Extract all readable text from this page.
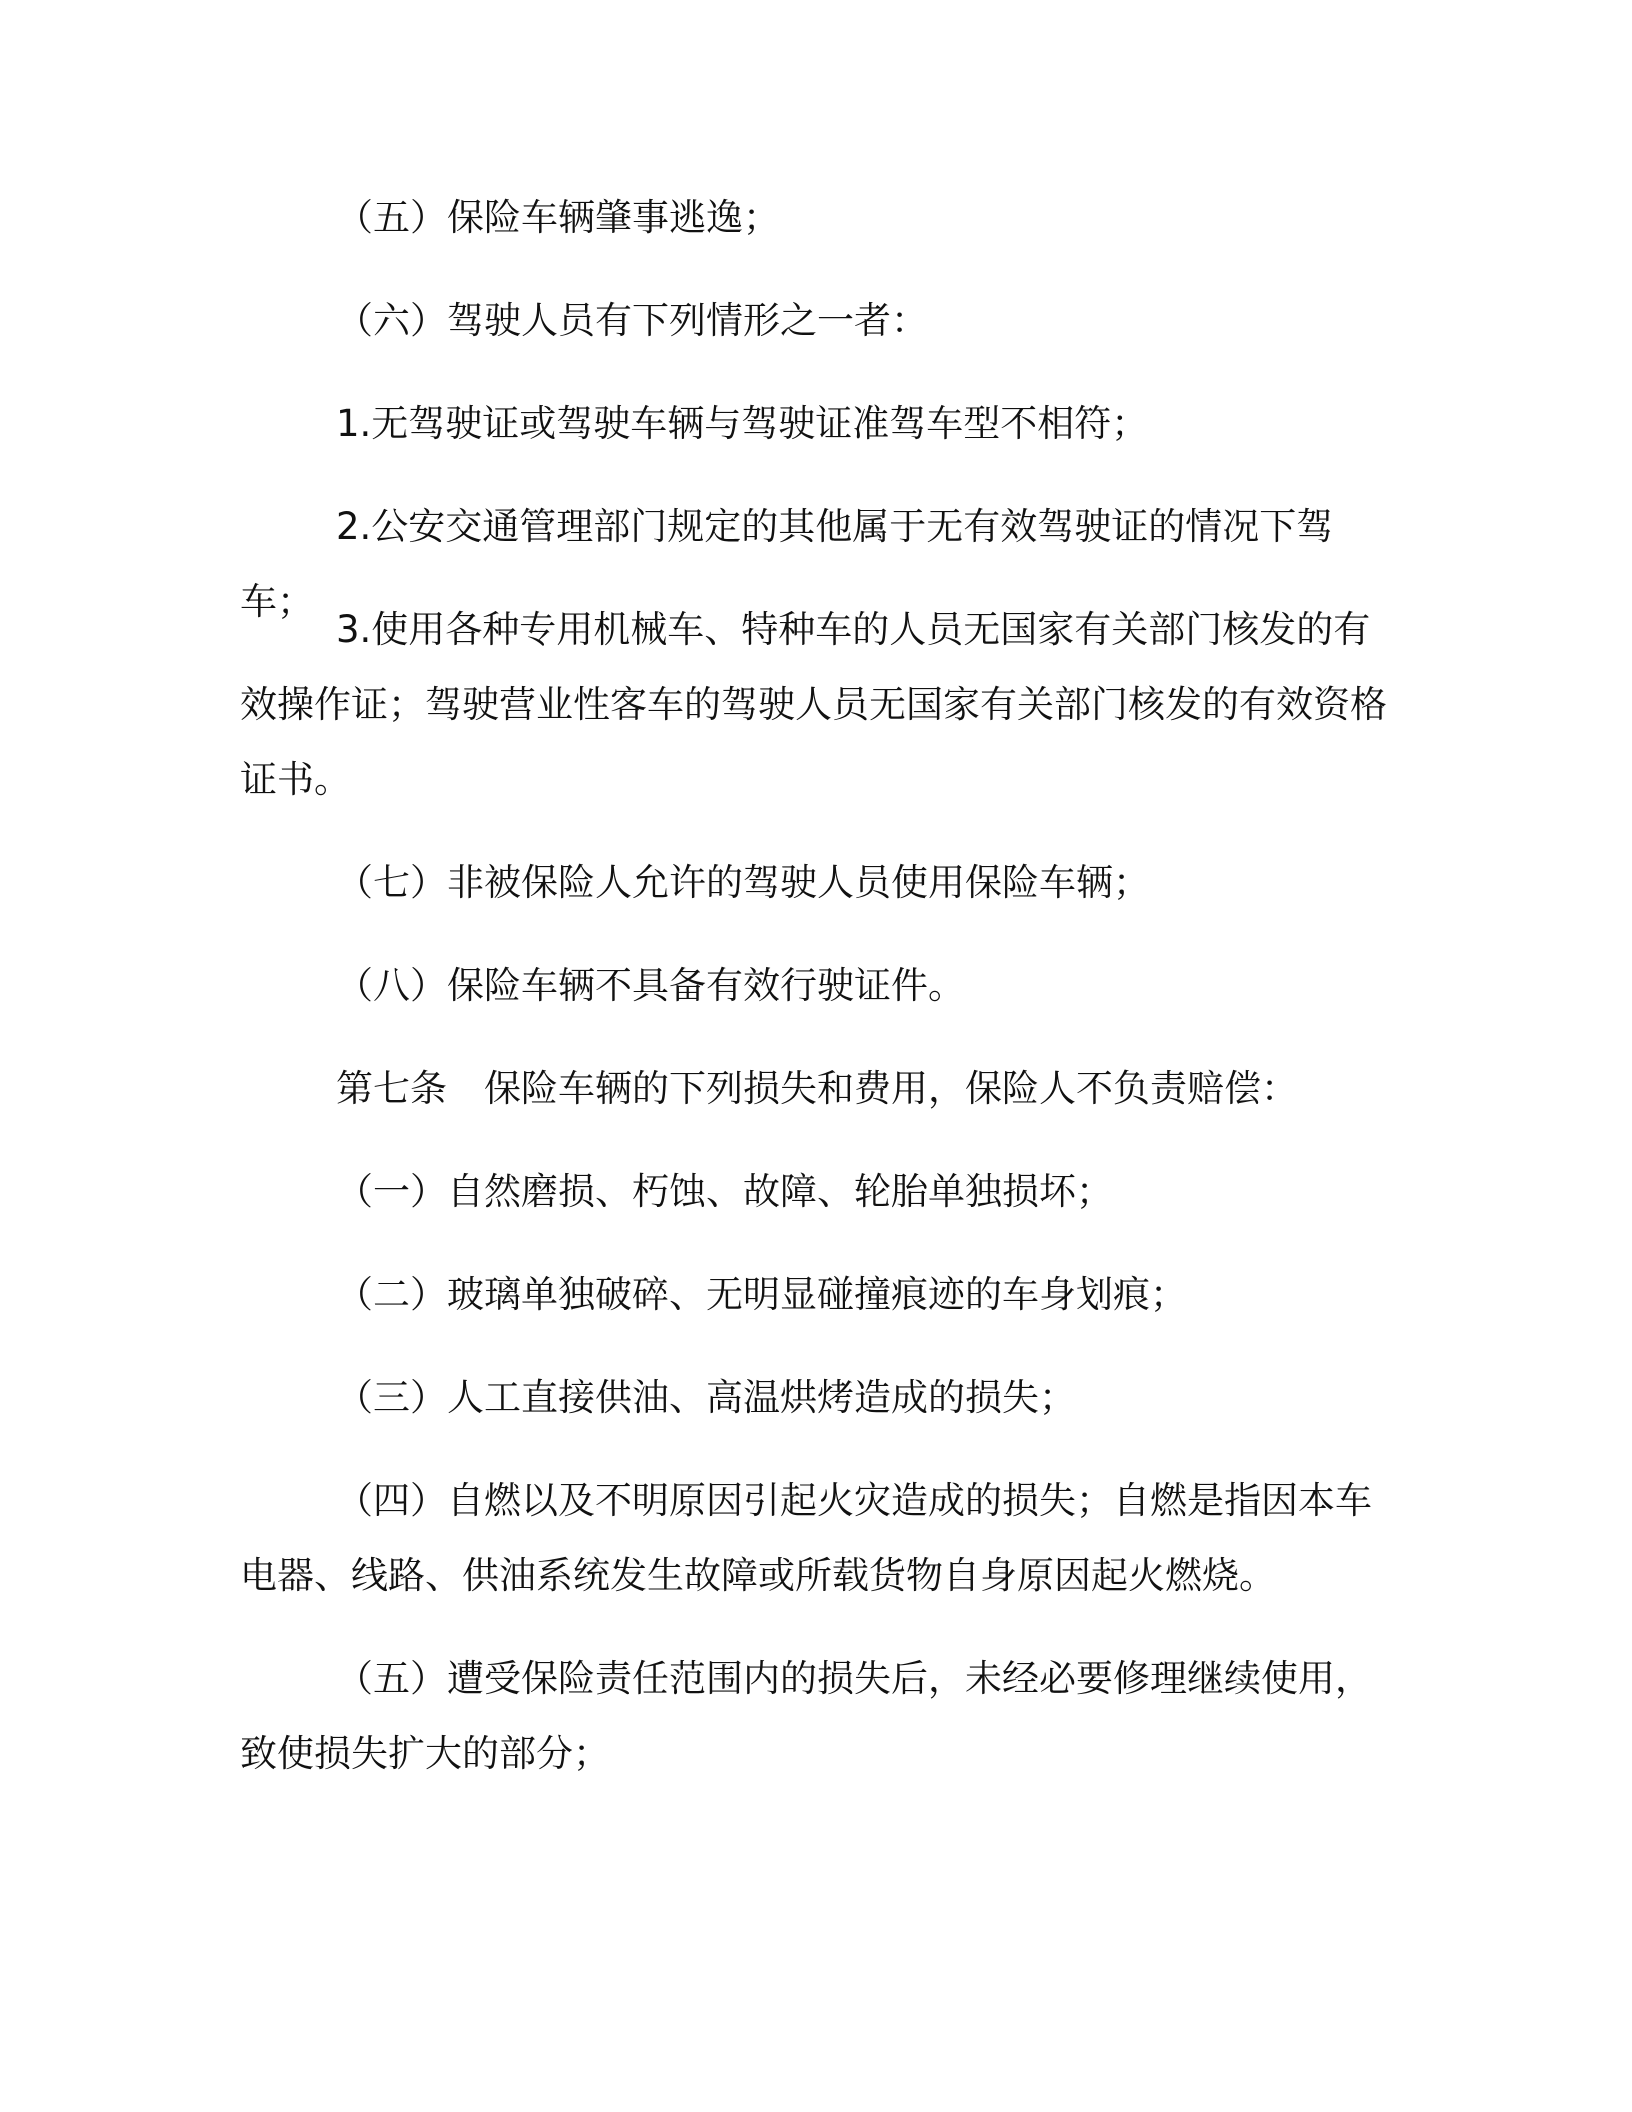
（五）保险车辆肇事逃逸；

（六）驾驶人员有下列情形之一者：

1.无驾驶证或驾驶车辆与驾驶证准驾车型不相符；

2.公安交通管理部门规定的其他属于无有效驾驶证的情况下驾车；

3.使用各种专用机械车、特种车的人员无国家有关部门核发的有效操作证；驾驶营业性客车的驾驶人员无国家有关部门核发的有效资格证书。

（七）非被保险人允许的驾驶人员使用保险车辆；

（八）保险车辆不具备有效行驶证件。

第七条　保险车辆的下列损失和费用，保险人不负责赔偿：

（一）自然磨损、朽蚀、故障、轮胎单独损坏；

（二）玻璃单独破碎、无明显碰撞痕迹的车身划痕；

（三）人工直接供油、高温烘烤造成的损失；

（四）自燃以及不明原因引起火灾造成的损失；自燃是指因本车电器、线路、供油系统发生故障或所载货物自身原因起火燃烧。

（五）遭受保险责任范围内的损失后，未经必要修理继续使用，致使损失扩大的部分；
